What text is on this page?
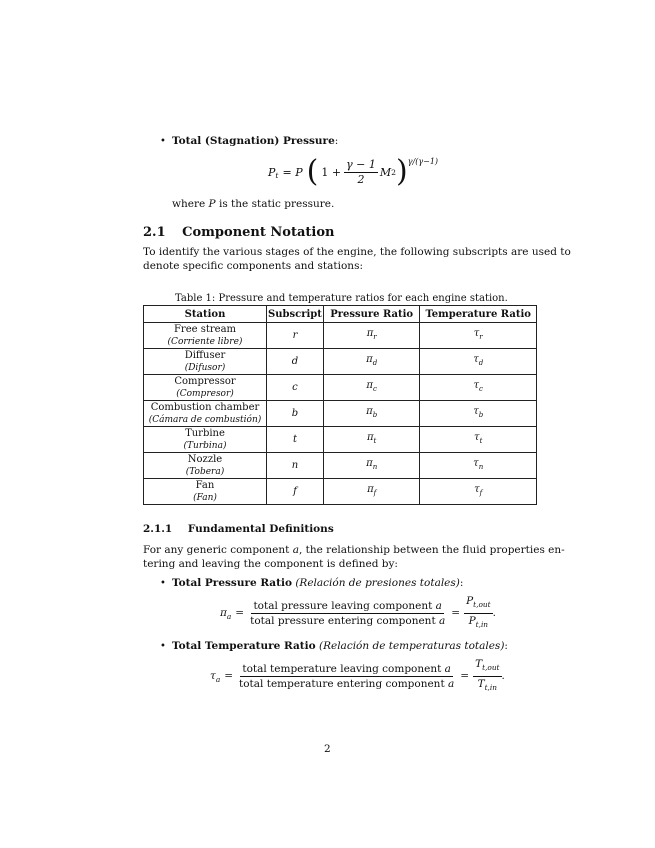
• Total (Stagnation) Pressure:
$P_t = P$ ( $1 + \frac{\gamma - 1}{2}$ M 2 )$^{\gamma/(\gamma-1)}$
where P is the static pressure.
2.1 Component Notation
To identify the various stages of the engine, the following subscripts are used to
denote specific components and stations:
Table 1: Pressure and temperature ratios for each engine station.
Station	Subscript	Pressure Ratio	Temperature Ratio

Free stream
(Corriente libre)	r	$\pi_r$	$\tau_r$

Diffuser
(Difusor)	d	$\pi_d$	$\tau_d$

Compressor
(Compresor)	c	$\pi_c$	$\tau_c$

Combustion chamber
(Cámara de combustión)	b	$\pi_b$	$\tau_b$

Turbine
(Turbina)	t	$\pi_t$	$\tau_t$

Nozzle
(Tobera)	n	$\pi_n$	$\tau_n$

Fan
(Fan)	f	$\pi_f$	$\tau_f$
2.1.1 Fundamental Definitions
For any generic component a, the relationship between the fluid properties en-
tering and leaving the component is defined by:
• Total Pressure Ratio (Relación de presiones totales):
$\pi_a = \frac{\text{total pressure leaving component a}}{\text{total pressure entering component a}} = \frac{P_{t,out}}{P_{t,in}}$ .
• Total Temperature Ratio (Relación de temperaturas totales):
$\tau_a = \frac{\text{total temperature leaving component a}}{\text{total temperature entering component a}} = \frac{T_{t,out}}{T_{t,in}}$ .
2
